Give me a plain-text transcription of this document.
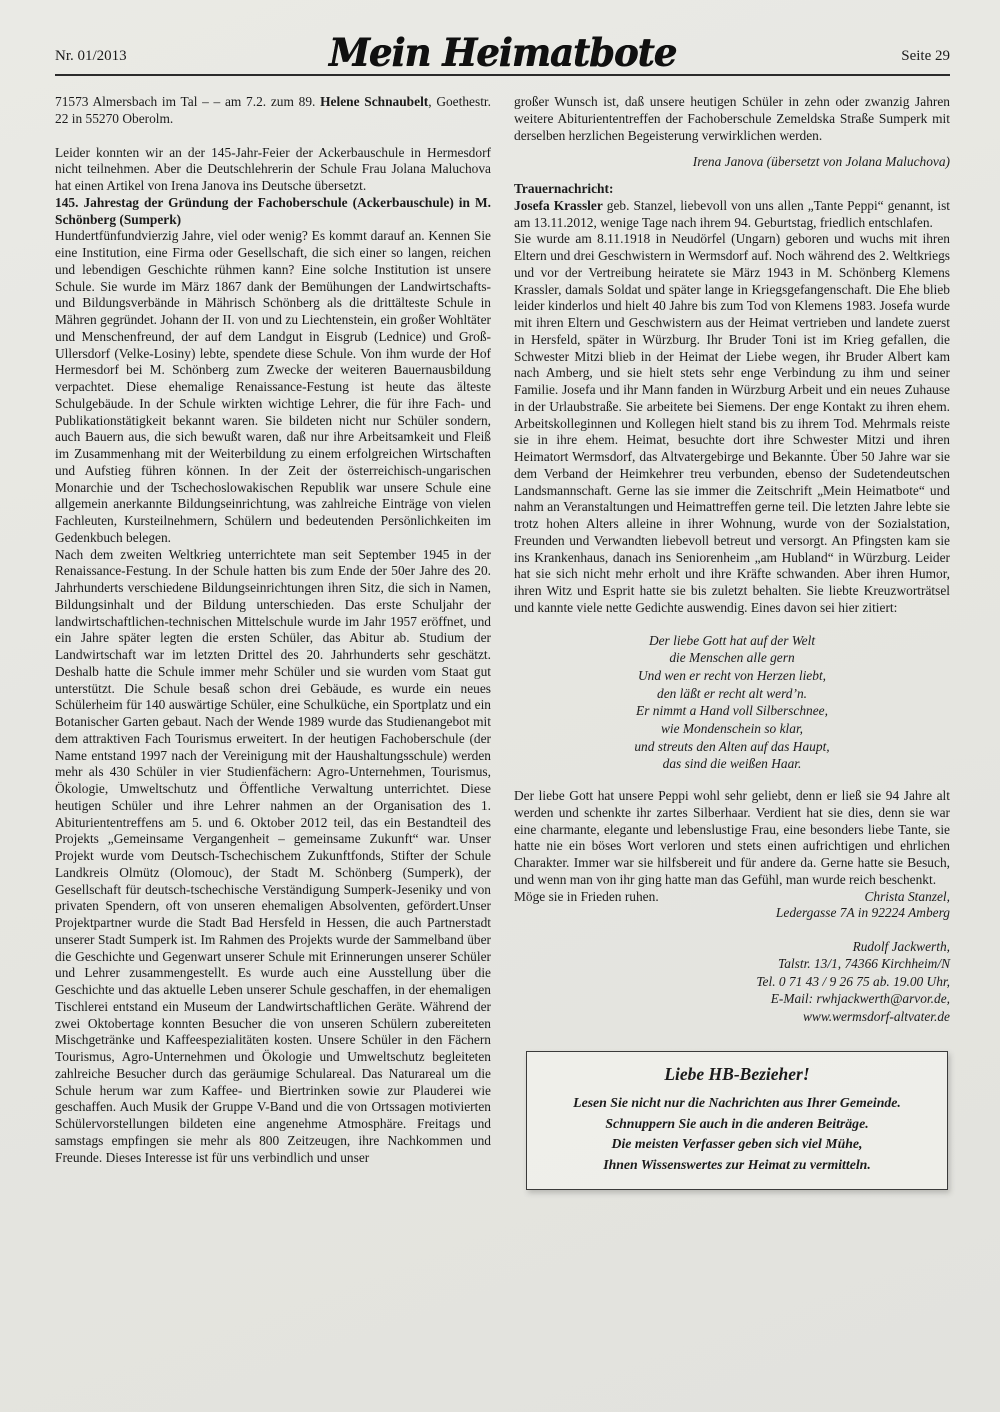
Nr. 01/2013	Mein Heimatbote	Seite 29

71573 Almersbach im Tal – – am 7.2. zum 89. Helene Schnaubelt, Goethestr. 22 in 55270 Oberolm.

Leider konnten wir an der 145-Jahr-Feier der Ackerbauschule in Hermesdorf nicht teilnehmen. Aber die Deutschlehrerin der Schule Frau Jolana Maluchova hat einen Artikel von Irena Janova ins Deutsche übersetzt.

145. Jahrestag der Gründung der Fachoberschule (Ackerbauschule) in M. Schönberg (Sumperk)

Hundertfünfundvierzig Jahre, viel oder wenig? Es kommt darauf an. Kennen Sie eine Institution, eine Firma oder Gesellschaft, die sich einer so langen, reichen und lebendigen Geschichte rühmen kann? Eine solche Institution ist unsere Schule. Sie wurde im März 1867 dank der Bemühungen der Landwirtschafts- und Bildungsverbände in Mährisch Schönberg als die drittälteste Schule in Mähren gegründet. Johann der II. von und zu Liechtenstein, ein großer Wohltäter und Menschenfreund, der auf dem Landgut in Eisgrub (Lednice) und Groß-Ullersdorf (Velke-Losiny) lebte, spendete diese Schule. Von ihm wurde der Hof Hermesdorf bei M. Schönberg zum Zwecke der weiteren Bauernausbildung verpachtet. Diese ehemalige Renaissance-Festung ist heute das älteste Schulgebäude. In der Schule wirkten wichtige Lehrer, die für ihre Fach- und Publikationstätigkeit bekannt waren. Sie bildeten nicht nur Schüler sondern, auch Bauern aus, die sich bewußt waren, daß nur ihre Arbeitsamkeit und Fleiß im Zusammenhang mit der Weiterbildung zu einem erfolgreichen Wirtschaften und Aufstieg führen können. In der Zeit der österreichisch-ungarischen Monarchie und der Tschechoslowakischen Republik war unsere Schule eine allgemein anerkannte Bildungseinrichtung, was zahlreiche Einträge von vielen Fachleuten, Kursteilnehmern, Schülern und bedeutenden Persönlichkeiten im Gedenkbuch belegen.

Nach dem zweiten Weltkrieg unterrichtete man seit September 1945 in der Renaissance-Festung. In der Schule hatten bis zum Ende der 50er Jahre des 20. Jahrhunderts verschiedene Bildungseinrichtungen ihren Sitz, die sich in Namen, Bildungsinhalt und der Bildung unterschieden. Das erste Schuljahr der landwirtschaftlichen-technischen Mittelschule wurde im Jahr 1957 eröffnet, und ein Jahre später legten die ersten Schüler, das Abitur ab. Studium der Landwirtschaft war im letzten Drittel des 20. Jahrhunderts sehr geschätzt. Deshalb hatte die Schule immer mehr Schüler und sie wurden vom Staat gut unterstützt. Die Schule besaß schon drei Gebäude, es wurde ein neues Schülerheim für 140 auswärtige Schüler, eine Schulküche, ein Sportplatz und ein Botanischer Garten gebaut. Nach der Wende 1989 wurde das Studienangebot mit dem attraktiven Fach Tourismus erweitert. In der heutigen Fachoberschule (der Name entstand 1997 nach der Vereinigung mit der Haushaltungsschule) werden mehr als 430 Schüler in vier Studienfächern: Agro-Unternehmen, Tourismus, Ökologie, Umweltschutz und Öffentliche Verwaltung unterrichtet. Diese heutigen Schüler und ihre Lehrer nahmen an der Organisation des 1. Abituriententreffens am 5. und 6. Oktober 2012 teil, das ein Bestandteil des Projekts „Gemeinsame Vergangenheit – gemeinsame Zukunft“ war. Unser Projekt wurde vom Deutsch-Tschechischem Zukunftfonds, Stifter der Schule Landkreis Olmütz (Olomouc), der Stadt M. Schönberg (Sumperk), der Gesellschaft für deutsch-tschechische Verständigung Sumperk-Jeseniky und von privaten Spendern, oft von unseren ehemaligen Absolventen, gefördert.Unser Projektpartner wurde die Stadt Bad Hersfeld in Hessen, die auch Partnerstadt unserer Stadt Sumperk ist. Im Rahmen des Projekts wurde der Sammelband über die Geschichte und Gegenwart unserer Schule mit Erinnerungen unserer Schüler und Lehrer zusammengestellt. Es wurde auch eine Ausstellung über die Geschichte und das aktuelle Leben unserer Schule geschaffen, in der ehemaligen Tischlerei entstand ein Museum der Landwirtschaftlichen Geräte. Während der zwei Oktobertage konnten Besucher die von unseren Schülern zubereiteten Mischgetränke und Kaffeespezialitäten kosten. Unsere Schüler in den Fächern Tourismus, Agro-Unternehmen und Ökologie und Umweltschutz begleiteten zahlreiche Besucher durch das geräumige Schulareal. Das Naturareal um die Schule herum war zum Kaffee- und Biertrinken sowie zur Plauderei wie geschaffen. Auch Musik der Gruppe V-Band und die von Ortssagen motivierten Schülervorstellungen bildeten eine angenehme Atmosphäre. Freitags und samstags empfingen sie mehr als 800 Zeitzeugen, ihre Nachkommen und Freunde. Dieses Interesse ist für uns verbindlich und unser

großer Wunsch ist, daß unsere heutigen Schüler in zehn oder zwanzig Jahren weitere Abituriententreffen der Fachoberschule Zemeldska Straße Sumperk mit derselben herzlichen Begeisterung verwirklichen werden.

Irena Janova (übersetzt von Jolana Maluchova)

Trauernachricht:

Josefa Krassler geb. Stanzel, liebevoll von uns allen „Tante Peppi“ genannt, ist am 13.11.2012, wenige Tage nach ihrem 94. Geburtstag, friedlich entschlafen.

Sie wurde am 8.11.1918 in Neudörfel (Ungarn) geboren und wuchs mit ihren Eltern und drei Geschwistern in Wermsdorf auf. Noch während des 2. Weltkriegs und vor der Vertreibung heiratete sie März 1943 in M. Schönberg Klemens Krassler, damals Soldat und später lange in Kriegsgefangenschaft. Die Ehe blieb leider kinderlos und hielt 40 Jahre bis zum Tod von Klemens 1983. Josefa wurde mit ihren Eltern und Geschwistern aus der Heimat vertrieben und landete zuerst in Hersfeld, später in Würzburg. Ihr Bruder Toni ist im Krieg gefallen, die Schwester Mitzi blieb in der Heimat der Liebe wegen, ihr Bruder Albert kam nach Amberg, und sie hielt stets sehr enge Verbindung zu ihm und seiner Familie. Josefa und ihr Mann fanden in Würzburg Arbeit und ein neues Zuhause in der Urlaubstraße. Sie arbeitete bei Siemens. Der enge Kontakt zu ihren ehem. Arbeitskolleginnen und Kollegen hielt stand bis zu ihrem Tod. Mehrmals reiste sie in ihre ehem. Heimat, besuchte dort ihre Schwester Mitzi und ihren Heimatort Wermsdorf, das Altvatergebirge und Bekannte. Über 50 Jahre war sie dem Verband der Heimkehrer treu verbunden, ebenso der Sudetendeutschen Landsmannschaft. Gerne las sie immer die Zeitschrift „Mein Heimatbote“ und nahm an Veranstaltungen und Heimattreffen gerne teil. Die letzten Jahre lebte sie trotz hohen Alters alleine in ihrer Wohnung, wurde von der Sozialstation, Freunden und Verwandten liebevoll betreut und versorgt. An Pfingsten kam sie ins Krankenhaus, danach ins Seniorenheim „am Hubland“ in Würzburg. Leider hat sie sich nicht mehr erholt und ihre Kräfte schwanden. Aber ihren Humor, ihren Witz und Esprit hatte sie bis zuletzt behalten. Sie liebte Kreuzworträtsel und kannte viele nette Gedichte auswendig. Eines davon sei hier zitiert:

Der liebe Gott hat auf der Welt
die Menschen alle gern
Und wen er recht von Herzen liebt,
den läßt er recht alt werd’n.
Er nimmt a Hand voll Silberschnee,
wie Mondenschein so klar,
und streuts den Alten auf das Haupt,
das sind die weißen Haar.

Der liebe Gott hat unsere Peppi wohl sehr geliebt, denn er ließ sie 94 Jahre alt werden und schenkte ihr zartes Silberhaar. Verdient hat sie dies, denn sie war eine charmante, elegante und lebenslustige Frau, eine besonders liebe Tante, sie hatte nie ein böses Wort verloren und stets einen aufrichtigen und ehrlichen Charakter. Immer war sie hilfsbereit und für andere da. Gerne hatte sie Besuch, und wenn man von ihr ging hatte man das Gefühl, man wurde reich beschenkt.

Möge sie in Frieden ruhen.	Christa Stanzel,
Ledergasse 7A in 92224 Amberg
Rudolf Jackwerth,
Talstr. 13/1, 74366 Kirchheim/N
Tel. 0 71 43 / 9 26 75 ab. 19.00 Uhr,
E-Mail: rwhjackwerth@arvor.de,
www.wermsdorf-altvater.de
Liebe HB-Bezieher!
Lesen Sie nicht nur die Nachrichten aus Ihrer Gemeinde.
Schnuppern Sie auch in die anderen Beiträge.
Die meisten Verfasser geben sich viel Mühe,
Ihnen Wissenswertes zur Heimat zu vermitteln.
